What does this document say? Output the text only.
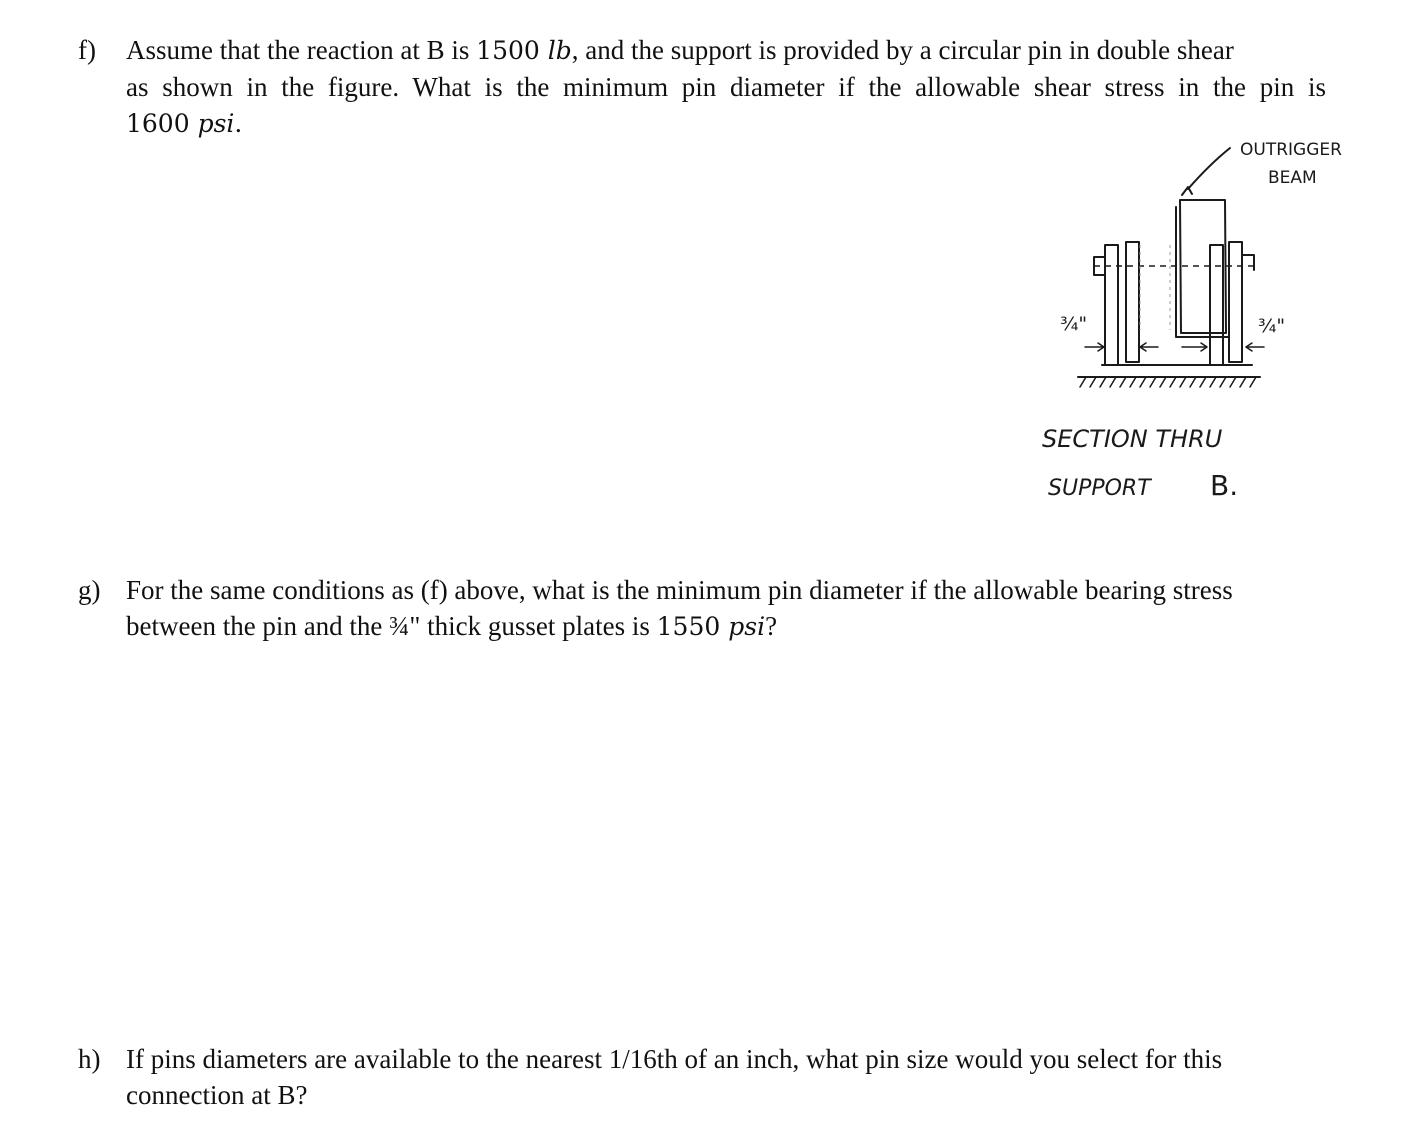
f) Assume that the reaction at B is 1500 lb, and the support is provided by a circular pin in double shear
as shown in the figure. What is the minimum pin diameter if the allowable shear stress in the pin is
1600 psi.
OUTRIGGER
BEAM
¾"	¾"
SECTION THRU
SUPPORT B.
g) For the same conditions as (f) above, what is the minimum pin diameter if the allowable bearing stress
between the pin and the ¾" thick gusset plates is 1550 psi?
h) If pins diameters are available to the nearest 1/16th of an inch, what pin size would you select for this
connection at B?
